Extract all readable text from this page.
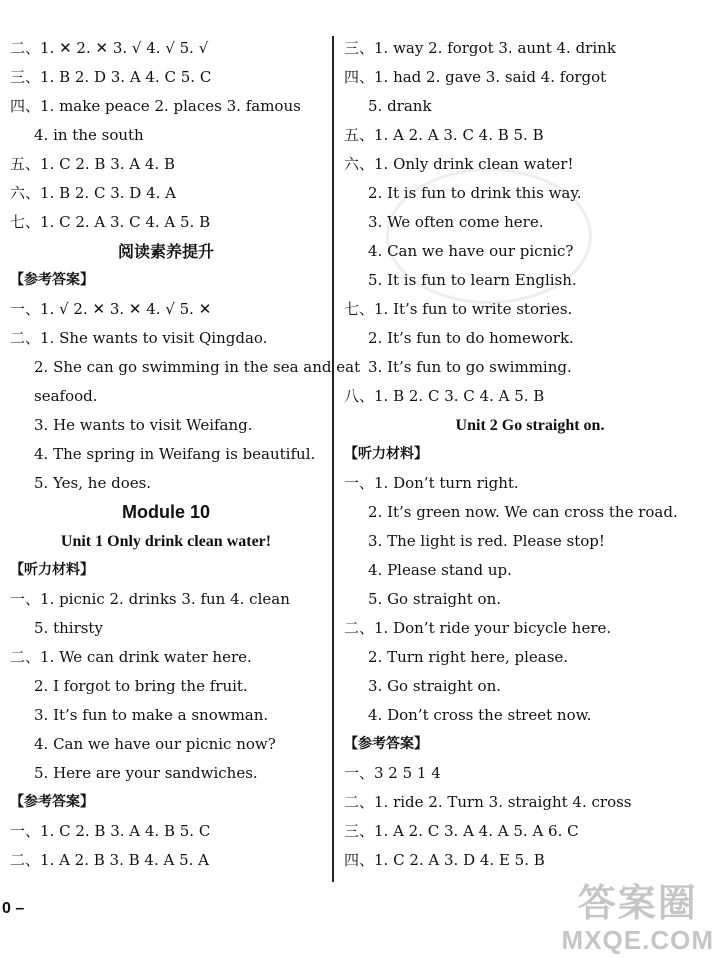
二、1. ✕ 2. ✕ 3. √ 4. √ 5. √
三、1. B 2. D 3. A 4. C 5. C
四、1. make peace 2. places 3. famous
4. in the south
五、1. C 2. B 3. A 4. B
六、1. B 2. C 3. D 4. A
七、1. C 2. A 3. C 4. A 5. B
阅读素养提升
【参考答案】
一、1. √ 2. ✕ 3. ✕ 4. √ 5. ✕
二、1. She wants to visit Qingdao.
2. She can go swimming in the sea and eat
seafood.
3. He wants to visit Weifang.
4. The spring in Weifang is beautiful.
5. Yes, he does.
Module 10
Unit 1 Only drink clean water!
【听力材料】
一、1. picnic 2. drinks 3. fun 4. clean
5. thirsty
二、1. We can drink water here.
2. I forgot to bring the fruit.
3. It’s fun to make a snowman.
4. Can we have our picnic now?
5. Here are your sandwiches.
【参考答案】
一、1. C 2. B 3. A 4. B 5. C
二、1. A 2. B 3. B 4. A 5. A
三、1. way 2. forgot 3. aunt 4. drink
四、1. had 2. gave 3. said 4. forgot
5. drank
五、1. A 2. A 3. C 4. B 5. B
六、1. Only drink clean water!
2. It is fun to drink this way.
3. We often come here.
4. Can we have our picnic?
5. It is fun to learn English.
七、1. It’s fun to write stories.
2. It’s fun to do homework.
3. It’s fun to go swimming.
八、1. B 2. C 3. C 4. A 5. B
Unit 2 Go straight on.
【听力材料】
一、1. Don’t turn right.
2. It’s green now. We can cross the road.
3. The light is red. Please stop!
4. Please stand up.
5. Go straight on.
二、1. Don’t ride your bicycle here.
2. Turn right here, please.
3. Go straight on.
4. Don’t cross the street now.
【参考答案】
一、3 2 5 1 4
二、1. ride 2. Turn 3. straight 4. cross
三、1. A 2. C 3. A 4. A 5. A 6. C
四、1. C 2. A 3. D 4. E 5. B
0 –	答案圈
MXQE.COM
